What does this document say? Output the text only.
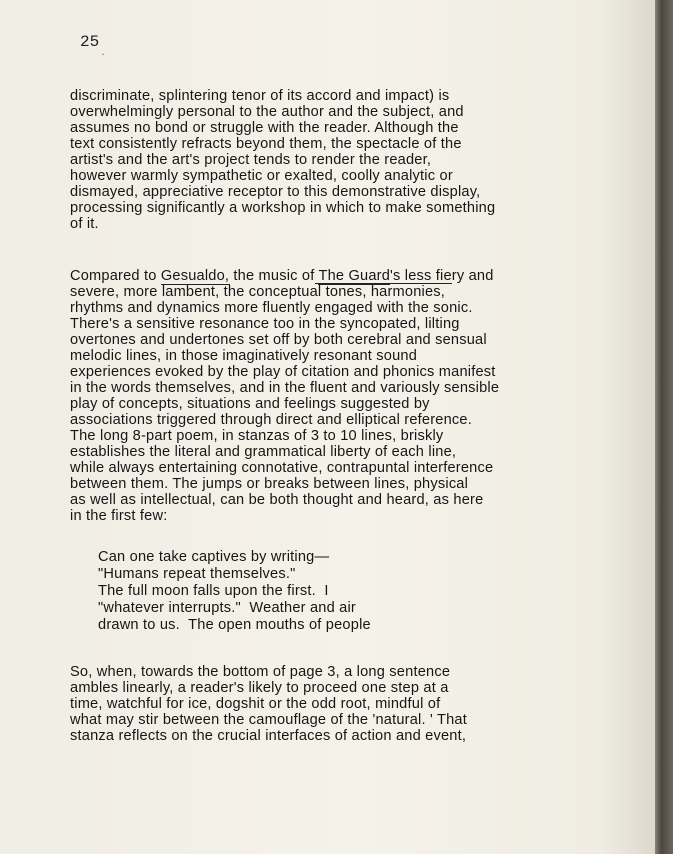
25
`

discriminate, splintering tenor of its accord and impact) is

overwhelmingly personal to the author and the subject, and

assumes no bond or struggle with the reader. Although the

text consistently refracts beyond them, the spectacle of the

artist's and the art's project tends to render the reader,

however warmly sympathetic or exalted, coolly analytic or

dismayed, appreciative receptor to this demonstrative display,

processing significantly a workshop in which to make something

of it.

Compared to Gesualdo, the music of The Guard's less fiery and

severe, more lambent, the conceptual tones, harmonies,

rhythms and dynamics more fluently engaged with the sonic.

There's a sensitive resonance too in the syncopated, lilting

overtones and undertones set off by both cerebral and sensual

melodic lines, in those imaginatively resonant sound

experiences evoked by the play of citation and phonics manifest

in the words themselves, and in the fluent and variously sensible

play of concepts, situations and feelings suggested by

associations triggered through direct and elliptical reference.

The long 8-part poem, in stanzas of 3 to 10 lines, briskly

establishes the literal and grammatical liberty of each line,

while always entertaining connotative, contrapuntal interference

between them. The jumps or breaks between lines, physical

as well as intellectual, can be both thought and heard, as here

in the first few:

Can one take captives by writing—
"Humans repeat themselves."
The full moon falls upon the first.  I
"whatever interrupts."  Weather and air
drawn to us.  The open mouths of people

So, when, towards the bottom of page 3, a long sentence

ambles linearly, a reader's likely to proceed one step at a

time, watchful for ice, dogshit or the odd root, mindful of

what may stir between the camouflage of the 'natural. ' That

stanza reflects on the crucial interfaces of action and event,
